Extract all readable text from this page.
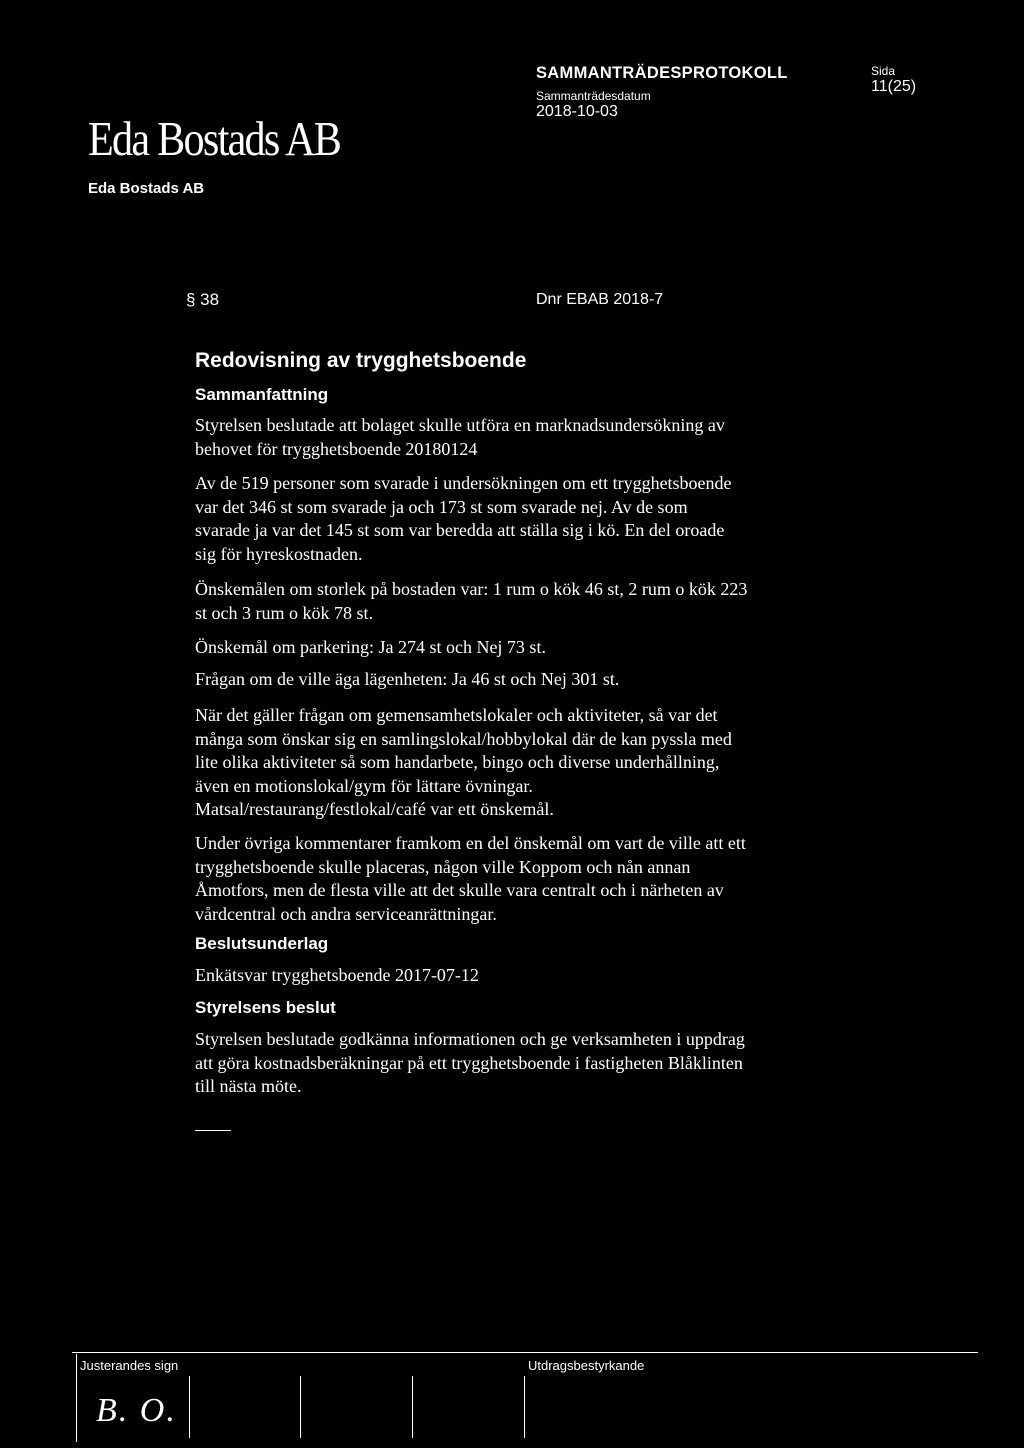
Eda Bostads AB
Eda Bostads AB
SAMMANTRÄDESPROTOKOLL
Sammanträdesdatum
2018-10-03
Sida
11(25)
§ 38	Dnr EBAB 2018-7
Redovisning av trygghetsboende
Sammanfattning
Styrelsen beslutade att bolaget skulle utföra en marknadsundersökning av
behovet för trygghetsboende 20180124
Av de 519 personer som svarade i undersökningen om ett trygghetsboende
var det 346 st som svarade ja och 173 st som svarade nej. Av de som
svarade ja var det 145 st som var beredda att ställa sig i kö. En del oroade
sig för hyreskostnaden.
Önskemålen om storlek på bostaden var: 1 rum o kök 46 st, 2 rum o kök 223
st och 3 rum o kök 78 st.
Önskemål om parkering: Ja 274 st och Nej 73 st.
Frågan om de ville äga lägenheten: Ja 46 st och Nej 301 st.
När det gäller frågan om gemensamhetslokaler och aktiviteter, så var det
många som önskar sig en samlingslokal/hobbylokal där de kan pyssla med
lite olika aktiviteter så som handarbete, bingo och diverse underhållning,
även en motionslokal/gym för lättare övningar.
Matsal/restaurang/festlokal/café var ett önskemål.
Under övriga kommentarer framkom en del önskemål om vart de ville att ett
trygghetsboende skulle placeras, någon ville Koppom och nån annan
Åmotfors, men de flesta ville att det skulle vara centralt och i närheten av
vårdcentral och andra serviceanrättningar.
Beslutsunderlag
Enkätsvar trygghetsboende 2017-07-12
Styrelsens beslut
Styrelsen beslutade godkänna informationen och ge verksamheten i uppdrag
att göra kostnadsberäkningar på ett trygghetsboende i fastigheten Blåklinten
till nästa möte.
Justerandes sign	Utdragsbestyrkande
B. O.
